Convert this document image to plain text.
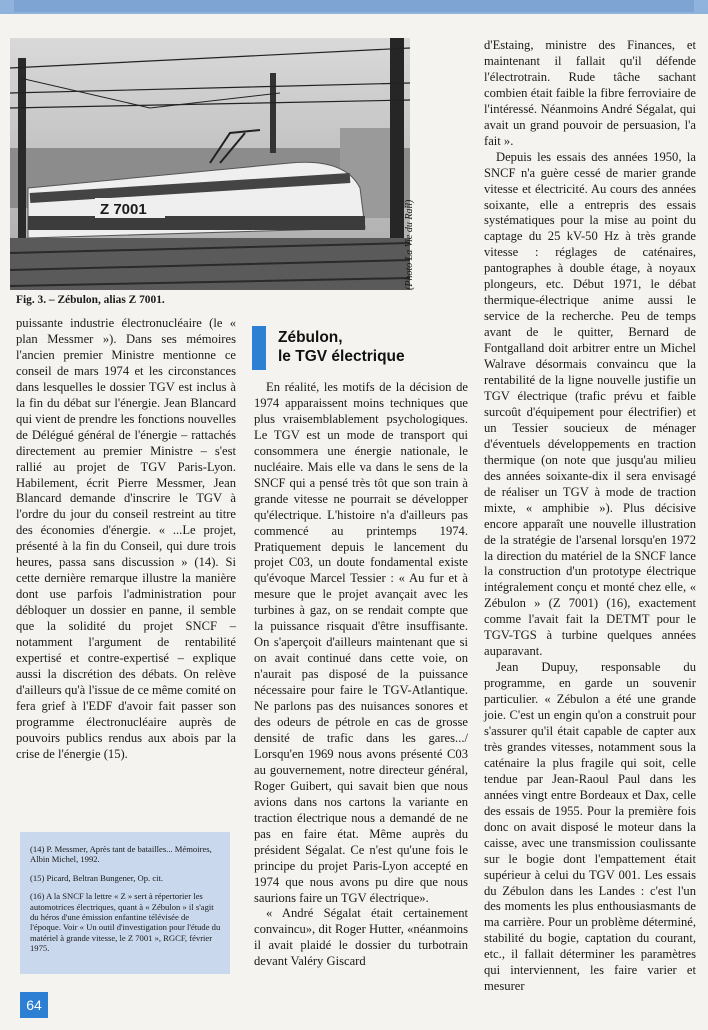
Z 7001	(Photo La Vie du Rail)
Fig. 3. – Zébulon, alias Z 7001.

puissante industrie électronucléaire (le « plan Messmer »). Dans ses mémoires l'ancien premier Ministre mentionne ce conseil de mars 1974 et les circonstances dans lesquelles le dossier TGV est inclus à la fin du débat sur l'énergie. Jean Blancard qui vient de prendre les fonctions nouvelles de Délégué général de l'énergie – rattachés directement au premier Ministre – s'est rallié au projet de TGV Paris-Lyon. Habilement, écrit Pierre Messmer, Jean Blancard demande d'inscrire le TGV à l'ordre du jour du conseil restreint au titre des économies d'énergie. « ...Le projet, présenté à la fin du Conseil, qui dure trois heures, passa sans discussion » (14). Si cette dernière remarque illustre la manière dont use parfois l'administration pour débloquer un dossier en panne, il semble que la solidité du projet SNCF – notamment l'argument de rentabilité expertisé et contre-expertisé – explique aussi la discrétion des débats. On relève d'ailleurs qu'à l'issue de ce même comité on fera grief à l'EDF d'avoir fait passer son programme électronucléaire auprès de pouvoirs publics rendus aux abois par la crise de l'énergie (15).

Zébulon,
le TGV électrique

En réalité, les motifs de la décision de 1974 apparaissent moins techniques que plus vraisemblablement psychologiques. Le TGV est un mode de transport qui consommera une énergie nationale, le nucléaire. Mais elle va dans le sens de la SNCF qui a pensé très tôt que son train à grande vitesse ne pourrait se développer qu'électrique. L'histoire n'a d'ailleurs pas commencé au printemps 1974. Pratiquement depuis le lancement du projet C03, un doute fondamental existe qu'évoque Marcel Tessier : « Au fur et à mesure que le projet avançait avec les turbines à gaz, on se rendait compte que la puissance risquait d'être insuffisante. On s'aperçoit d'ailleurs maintenant que si on avait continué dans cette voie, on n'aurait pas disposé de la puissance nécessaire pour faire le TGV-Atlantique. Ne parlons pas des nuisances sonores et des odeurs de pétrole en cas de grosse densité de trafic dans les gares.../ Lorsqu'en 1969 nous avons présenté C03 au gouvernement, notre directeur général, Roger Guibert, qui savait bien que nous avions dans nos cartons la variante en traction électrique nous a demandé de ne pas en faire état. Même auprès du président Ségalat. Ce n'est qu'une fois le principe du projet Paris-Lyon accepté en 1974 que nous avons pu dire que nous saurions faire un TGV électrique».

« André Ségalat était certainement convaincu», dit Roger Hutter, «néanmoins il avait plaidé le dossier du turbotrain devant Valéry Giscard

d'Estaing, ministre des Finances, et maintenant il fallait qu'il défende l'électrotrain. Rude tâche sachant combien était faible la fibre ferroviaire de l'intéressé. Néanmoins André Ségalat, qui avait un grand pouvoir de persuasion, l'a fait ».

Depuis les essais des années 1950, la SNCF n'a guère cessé de marier grande vitesse et électricité. Au cours des années soixante, elle a entrepris des essais systématiques pour la mise au point du captage du 25 kV-50 Hz à très grande vitesse : réglages de caténaires, pantographes à double étage, à noyaux plongeurs, etc. Début 1971, le débat thermique-électrique anime aussi le service de la recherche. Peu de temps avant de le quitter, Bernard de Fontgalland doit arbitrer entre un Michel Walrave désormais convaincu que la rentabilité de la ligne nouvelle justifie un TGV électrique (trafic prévu et faible surcoût d'équipement pour électrifier) et un Tessier soucieux de ménager d'éventuels développements en traction thermique (on note que jusqu'au milieu des années soixante-dix il sera envisagé de réaliser un TGV à mode de traction mixte, « amphibie »). Plus décisive encore apparaît une nouvelle illustration de la stratégie de l'arsenal lorsqu'en 1972 la direction du matériel de la SNCF lance la construction d'un prototype électrique intégralement conçu et monté chez elle, « Zébulon » (Z 7001) (16), exactement comme l'avait fait la DETMT pour le TGV-TGS à turbine quelques années auparavant.

Jean Dupuy, responsable du programme, en garde un souvenir particulier. « Zébulon a été une grande joie. C'est un engin qu'on a construit pour s'assurer qu'il était capable de capter aux très grandes vitesses, notamment sous la caténaire la plus fragile qui soit, celle tendue par Jean-Raoul Paul dans les années vingt entre Bordeaux et Dax, celle des essais de 1955. Pour la première fois donc on avait disposé le moteur dans la caisse, avec une transmission coulissante sur le bogie dont l'empattement était supérieur à celui du TGV 001. Les essais du Zébulon dans les Landes : c'est l'un des moments les plus enthousiasmants de ma carrière. Pour un problème déterminé, stabilité du bogie, captation du courant, etc., il fallait déterminer les paramètres qui interviennent, les faire varier et mesurer

(14) P. Messmer, Après tant de batailles... Mémoires, Albin Michel, 1992.

(15) Picard, Beltran Bungener, Op. cit.

(16) A la SNCF la lettre « Z » sert à répertorier les automotrices électriques, quant à « Zébulon » il s'agit du héros d'une émission enfantine télévisée de l'époque. Voir « Un outil d'investigation pour l'étude du matériel à grande vitesse, le Z 7001 », RGCF, février 1975.

64
